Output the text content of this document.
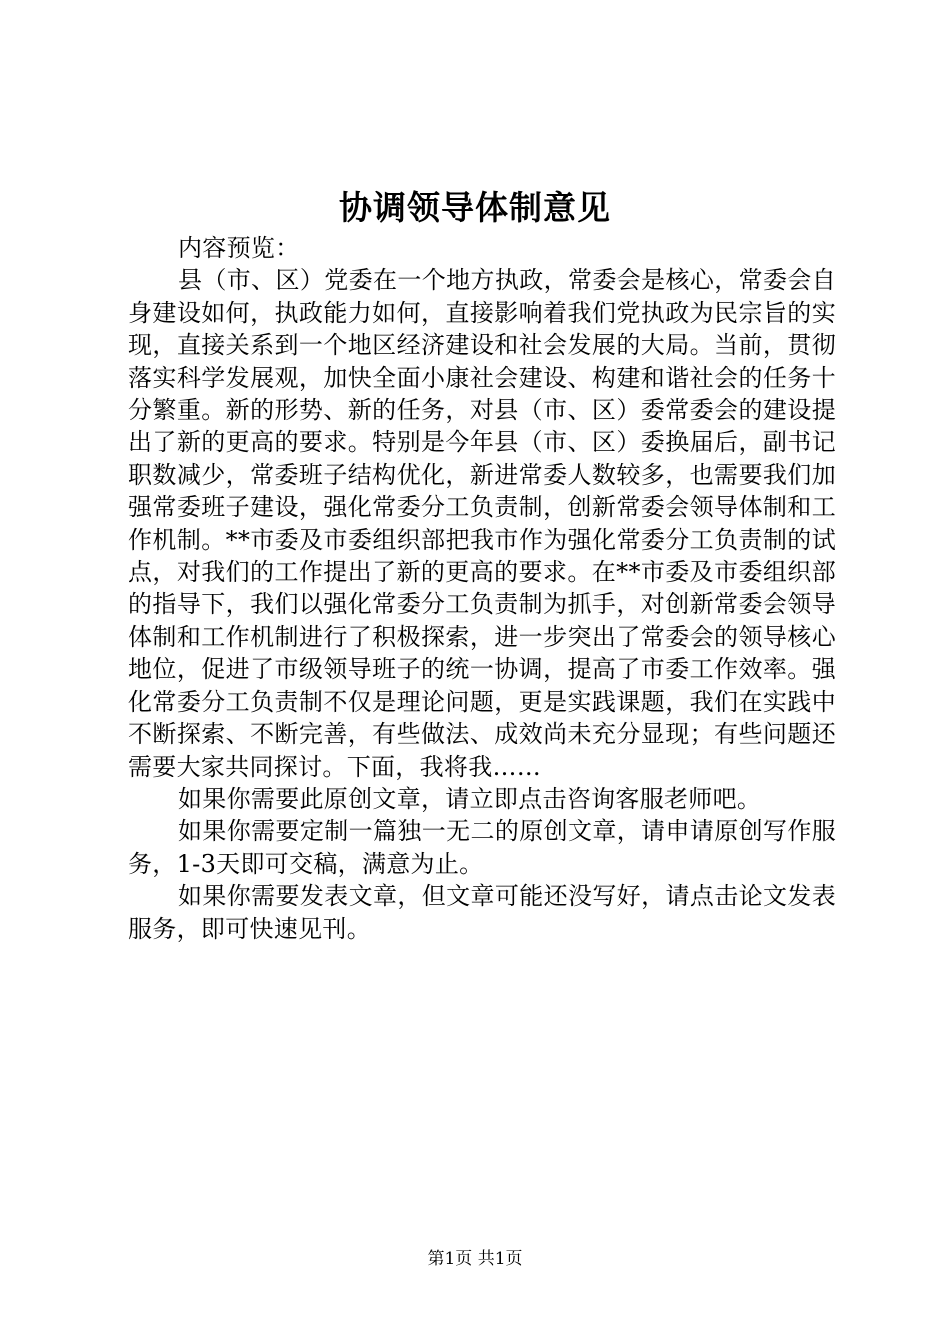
协调领导体制意见

内容预览：

县（市、区）党委在一个地方执政，常委会是核心，常委会自身建设如何，执政能力如何，直接影响着我们党执政为民宗旨的实现，直接关系到一个地区经济建设和社会发展的大局。当前，贯彻落实科学发展观，加快全面小康社会建设、构建和谐社会的任务十分繁重。新的形势、新的任务，对县（市、区）委常委会的建设提出了新的更高的要求。特别是今年县（市、区）委换届后，副书记职数减少，常委班子结构优化，新进常委人数较多，也需要我们加强常委班子建设，强化常委分工负责制，创新常委会领导体制和工作机制。**市委及市委组织部把我市作为强化常委分工负责制的试点，对我们的工作提出了新的更高的要求。在**市委及市委组织部的指导下，我们以强化常委分工负责制为抓手，对创新常委会领导体制和工作机制进行了积极探索，进一步突出了常委会的领导核心地位，促进了市级领导班子的统一协调，提高了市委工作效率。强化常委分工负责制不仅是理论问题，更是实践课题，我们在实践中不断探索、不断完善，有些做法、成效尚未充分显现；有些问题还需要大家共同探讨。下面，我将我……

如果你需要此原创文章，请立即点击咨询客服老师吧。

如果你需要定制一篇独一无二的原创文章，请申请原创写作服务，1-3天即可交稿，满意为止。

如果你需要发表文章，但文章可能还没写好，请点击论文发表服务，即可快速见刊。

第1页 共1页
